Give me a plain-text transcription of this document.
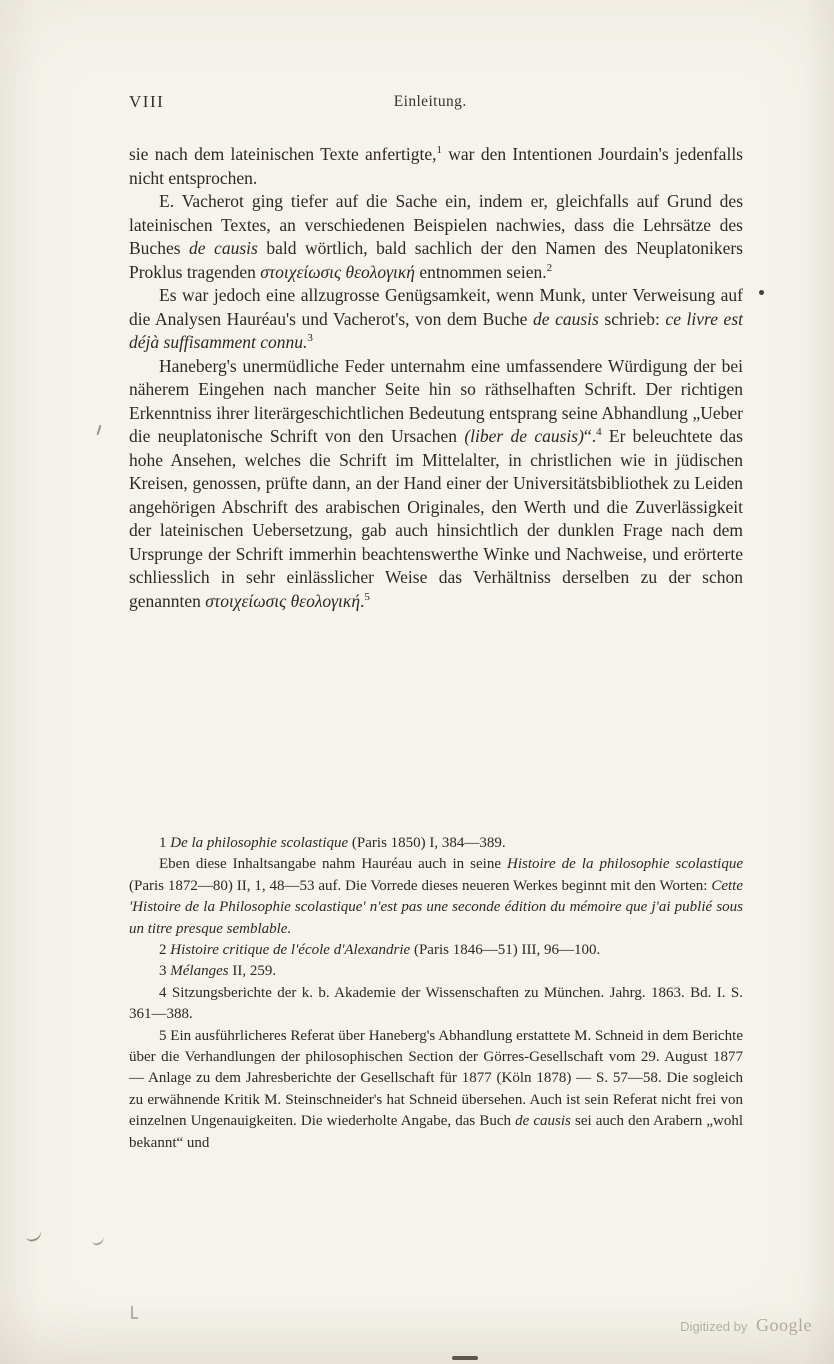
VIII	Einleitung.

sie nach dem lateinischen Texte anfertigte,$^1$ war den Intentionen Jourdain's jedenfalls nicht entsprochen.

E. Vacherot ging tiefer auf die Sache ein, indem er, gleichfalls auf Grund des lateinischen Textes, an verschiedenen Beispielen nachwies, dass die Lehrsätze des Buches de causis bald wörtlich, bald sachlich der den Namen des Neuplatonikers Proklus tragenden στοιχείωσις θεολογική entnommen seien.$^2$

Es war jedoch eine allzugrosse Genügsamkeit, wenn Munk, unter Verweisung auf die Analysen Hauréau's und Vacherot's, von dem Buche de causis schrieb: ce livre est déjà suffisamment connu.$^3$

Haneberg's unermüdliche Feder unternahm eine umfassendere Würdigung der bei näherem Eingehen nach mancher Seite hin so räthselhaften Schrift. Der richtigen Erkenntniss ihrer literärgeschichtlichen Bedeutung entsprang seine Abhandlung „Ueber die neuplatonische Schrift von den Ursachen (liber de causis)“.$^4$ Er beleuchtete das hohe Ansehen, welches die Schrift im Mittelalter, in christlichen wie in jüdischen Kreisen, genossen, prüfte dann, an der Hand einer der Universitätsbibliothek zu Leiden angehörigen Abschrift des arabischen Originales, den Werth und die Zuverlässigkeit der lateinischen Uebersetzung, gab auch hinsichtlich der dunklen Frage nach dem Ursprunge der Schrift immerhin beachtenswerthe Winke und Nachweise, und erörterte schliesslich in sehr einlässlicher Weise das Verhältniss derselben zu der schon genannten στοιχείωσις θεολογική.$^5$

1 De la philosophie scolastique (Paris 1850) I, 384—389.

Eben diese Inhaltsangabe nahm Hauréau auch in seine Histoire de la philosophie scolastique (Paris 1872—80) II, 1, 48—53 auf. Die Vorrede dieses neueren Werkes beginnt mit den Worten: Cette 'Histoire de la Philosophie scolastique' n'est pas une seconde édition du mémoire que j'ai publié sous un titre presque semblable.

2 Histoire critique de l'école d'Alexandrie (Paris 1846—51) III, 96—100.

3 Mélanges II, 259.

4 Sitzungsberichte der k. b. Akademie der Wissenschaften zu München. Jahrg. 1863. Bd. I. S. 361—388.

5 Ein ausführlicheres Referat über Haneberg's Abhandlung erstattete M. Schneid in dem Berichte über die Verhandlungen der philosophischen Section der Görres-Gesellschaft vom 29. August 1877 — Anlage zu dem Jahresberichte der Gesellschaft für 1877 (Köln 1878) — S. 57—58. Die sogleich zu erwähnende Kritik M. Steinschneider's hat Schneid übersehen. Auch ist sein Referat nicht frei von einzelnen Ungenauigkeiten. Die wiederholte Angabe, das Buch de causis sei auch den Arabern „wohl bekannt“ und

Digitized by Google
